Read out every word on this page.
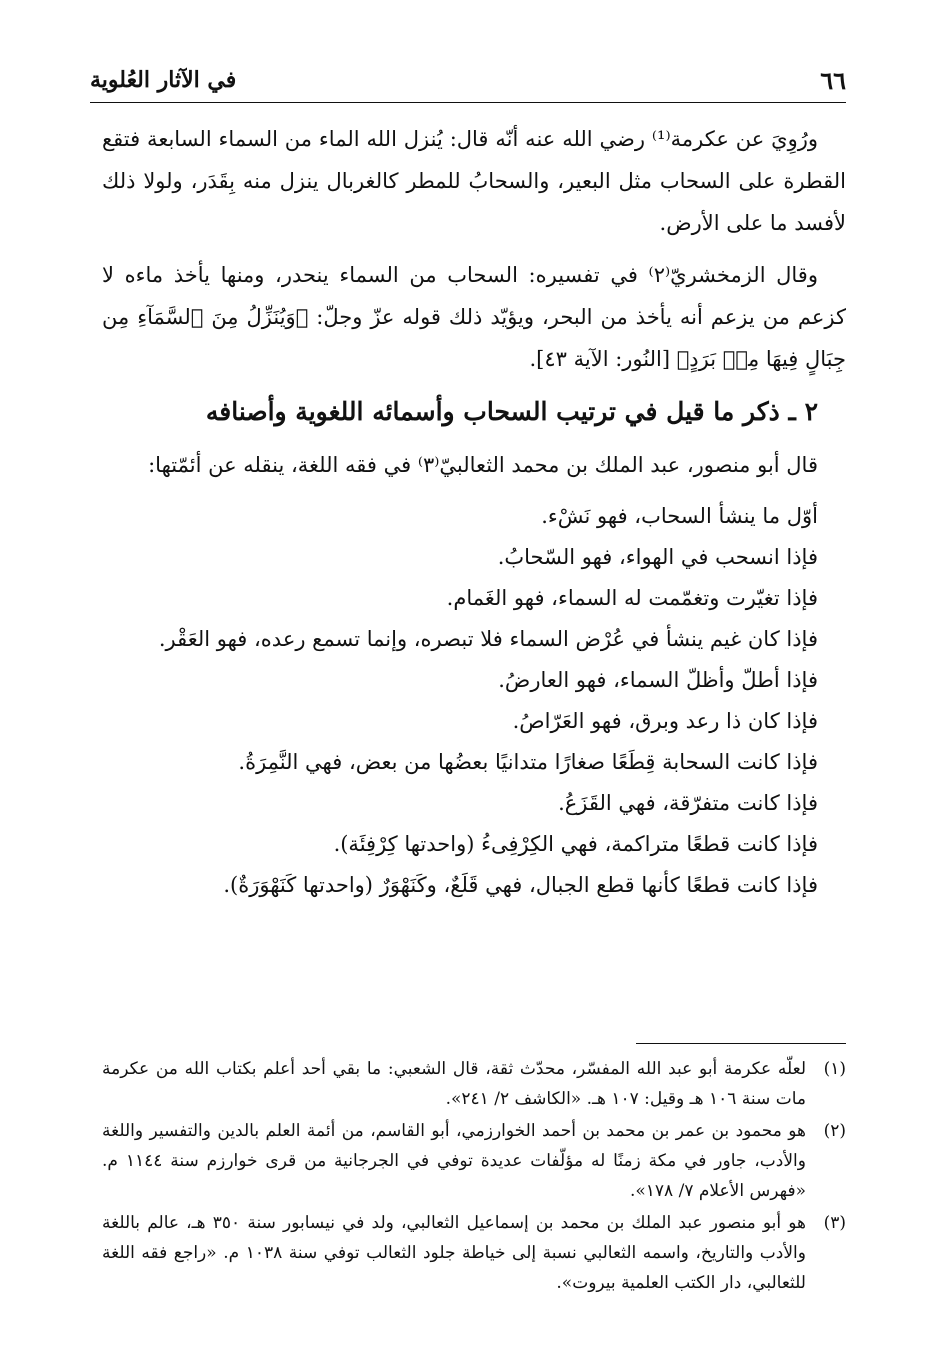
٦٦
في الآثار العُلوية

ورُوِيَ عن عكرمة⁽¹⁾ رضي الله عنه أنّه قال: يُنزل الله الماء من السماء السابعة فتقع القطرة على السحاب مثل البعير، والسحابُ للمطر كالغربال ينزل منه بِقَدَر، ولولا ذلك لأفسد ما على الأرض.

وقال الزمخشريّ⁽٢⁾ في تفسيره: السحاب من السماء ينحدر، ومنها يأخذ ماءه لا كزعم من يزعم أنه يأخذ من البحر، ويؤيّد ذلك قوله عزّ وجلّ: ﴿وَيُنَزِّلُ مِنَ ٱلسَّمَآءِ مِن جِبَالٍ فِيهَا مِنۢ بَرَدٍ﴾ [النُور: الآية ٤٣].

٢ ـ ذكر ما قيل في ترتيب السحاب وأسمائه اللغوية وأصنافه

قال أبو منصور، عبد الملك بن محمد الثعالبيّ⁽٣⁾ في فقه اللغة، ينقله عن أئمّتها:

أوّل ما ينشأ السحاب، فهو نَشْء.
فإذا انسحب في الهواء، فهو السّحابُ.
فإذا تغيّرت وتغمّمت له السماء، فهو الغَمام.
فإذا كان غيم ينشأ في عُرْض السماء فلا تبصره، وإنما تسمع رعده، فهو العَقْر.
فإذا أطلّ وأظلّ السماء، فهو العارضُ.
فإذا كان ذا رعد وبرق، فهو العَرّاصُ.
فإذا كانت السحابة قِطَعًا صغارًا متدانيًا بعضُها من بعض، فهي النَّمِرَةُ.
فإذا كانت متفرّقة، فهي القَزَعُ.
فإذا كانت قطعًا متراكمة، فهي الكِرْفِىءُ (واحدتها كِرْفِئَة).
فإذا كانت قطعًا كأنها قطع الجبال، فهي قَلَعٌ، وكَنَهْوَرٌ (واحدتها كَنَهْوَرَةٌ).
(١)
لعلّه عكرمة أبو عبد الله المفسّر، محدّث ثقة، قال الشعبي: ما بقي أحد أعلم بكتاب الله من عكرمة مات سنة ١٠٦ هـ وقيل: ١٠٧ هـ. «الكاشف ٢/ ٢٤١».
(٢)
هو محمود بن عمر بن محمد بن أحمد الخوارزمي، أبو القاسم، من أئمة العلم بالدين والتفسير واللغة والأدب، جاور في مكة زمنًا له مؤلّفات عديدة توفي في الجرجانية من قرى خوارزم سنة ١١٤٤ م. «فهرس الأعلام ٧/ ١٧٨».
(٣)
هو أبو منصور عبد الملك بن محمد بن إسماعيل الثعالبي، ولد في نيسابور سنة ٣٥٠ هـ، عالم باللغة والأدب والتاريخ، واسمه الثعالبي نسبة إلى خياطة جلود الثعالب توفي سنة ١٠٣٨ م. «راجع فقه اللغة للثعالبي، دار الكتب العلمية بيروت».
